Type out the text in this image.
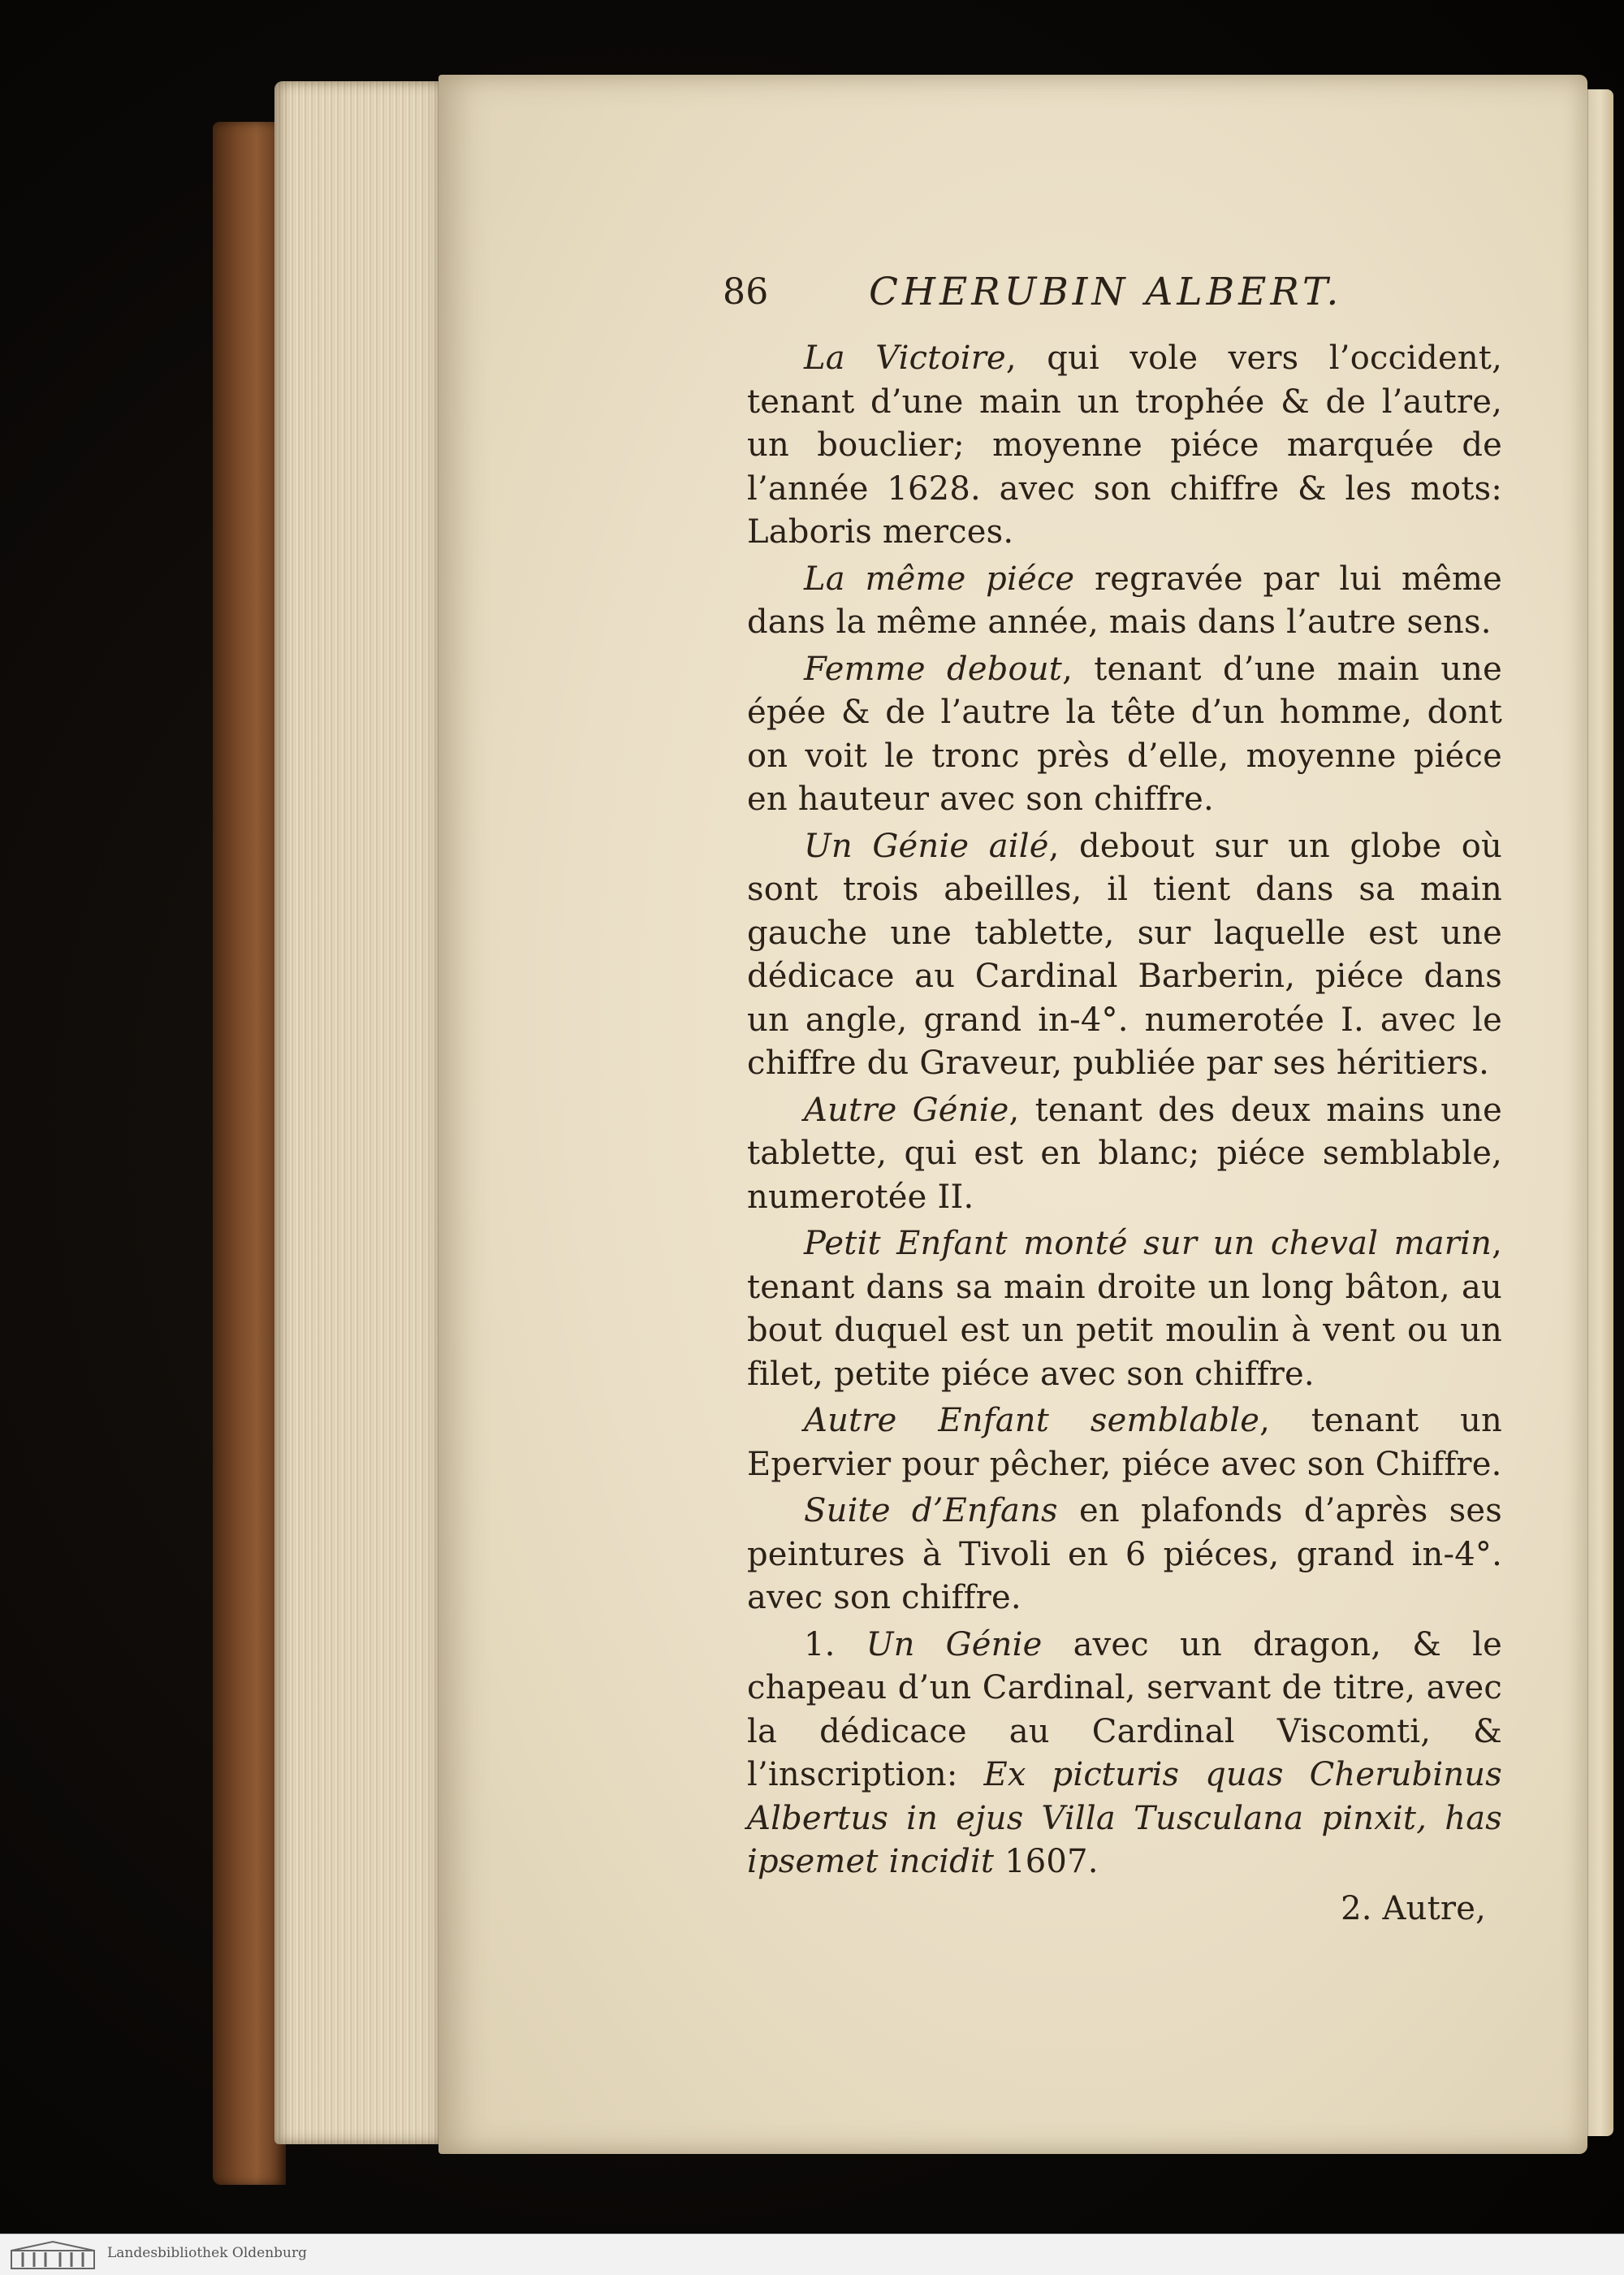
86	CHERUBIN ALBERT.

La Victoire, qui vole vers l’occident, tenant d’une main un trophée & de l’autre, un bouclier; moyenne piéce marquée de l’année 1628. avec son chiffre & les mots: Laboris merces.

La même piéce regravée par lui même dans la même année, mais dans l’autre sens.

Femme debout, tenant d’une main une épée & de l’autre la tête d’un homme, dont on voit le tronc près d’elle, moyenne piéce en hauteur avec son chiffre.

Un Génie ailé, debout sur un globe où sont trois abeilles, il tient dans sa main gauche une tablette, sur laquelle est une dédicace au Cardinal Barberin, piéce dans un angle, grand in-4°. numerotée I. avec le chiffre du Graveur, publiée par ses héritiers.

Autre Génie, tenant des deux mains une tablette, qui est en blanc; piéce semblable, numerotée II.

Petit Enfant monté sur un cheval marin, tenant dans sa main droite un long bâton, au bout duquel est un petit moulin à vent ou un filet, petite piéce avec son chiffre.

Autre Enfant semblable, tenant un Epervier pour pêcher, piéce avec son Chiffre.

Suite d’Enfans en plafonds d’après ses peintures à Tivoli en 6 piéces, grand in-4°. avec son chiffre.

1. Un Génie avec un dragon, & le chapeau d’un Cardinal, servant de titre, avec la dédicace au Cardinal Viscomti, & l’inscription: Ex picturis quas Cherubinus Albertus in ejus Villa Tusculana pinxit, has ipsemet incidit 1607.

2. Autre,
Landesbibliothek Oldenburg
